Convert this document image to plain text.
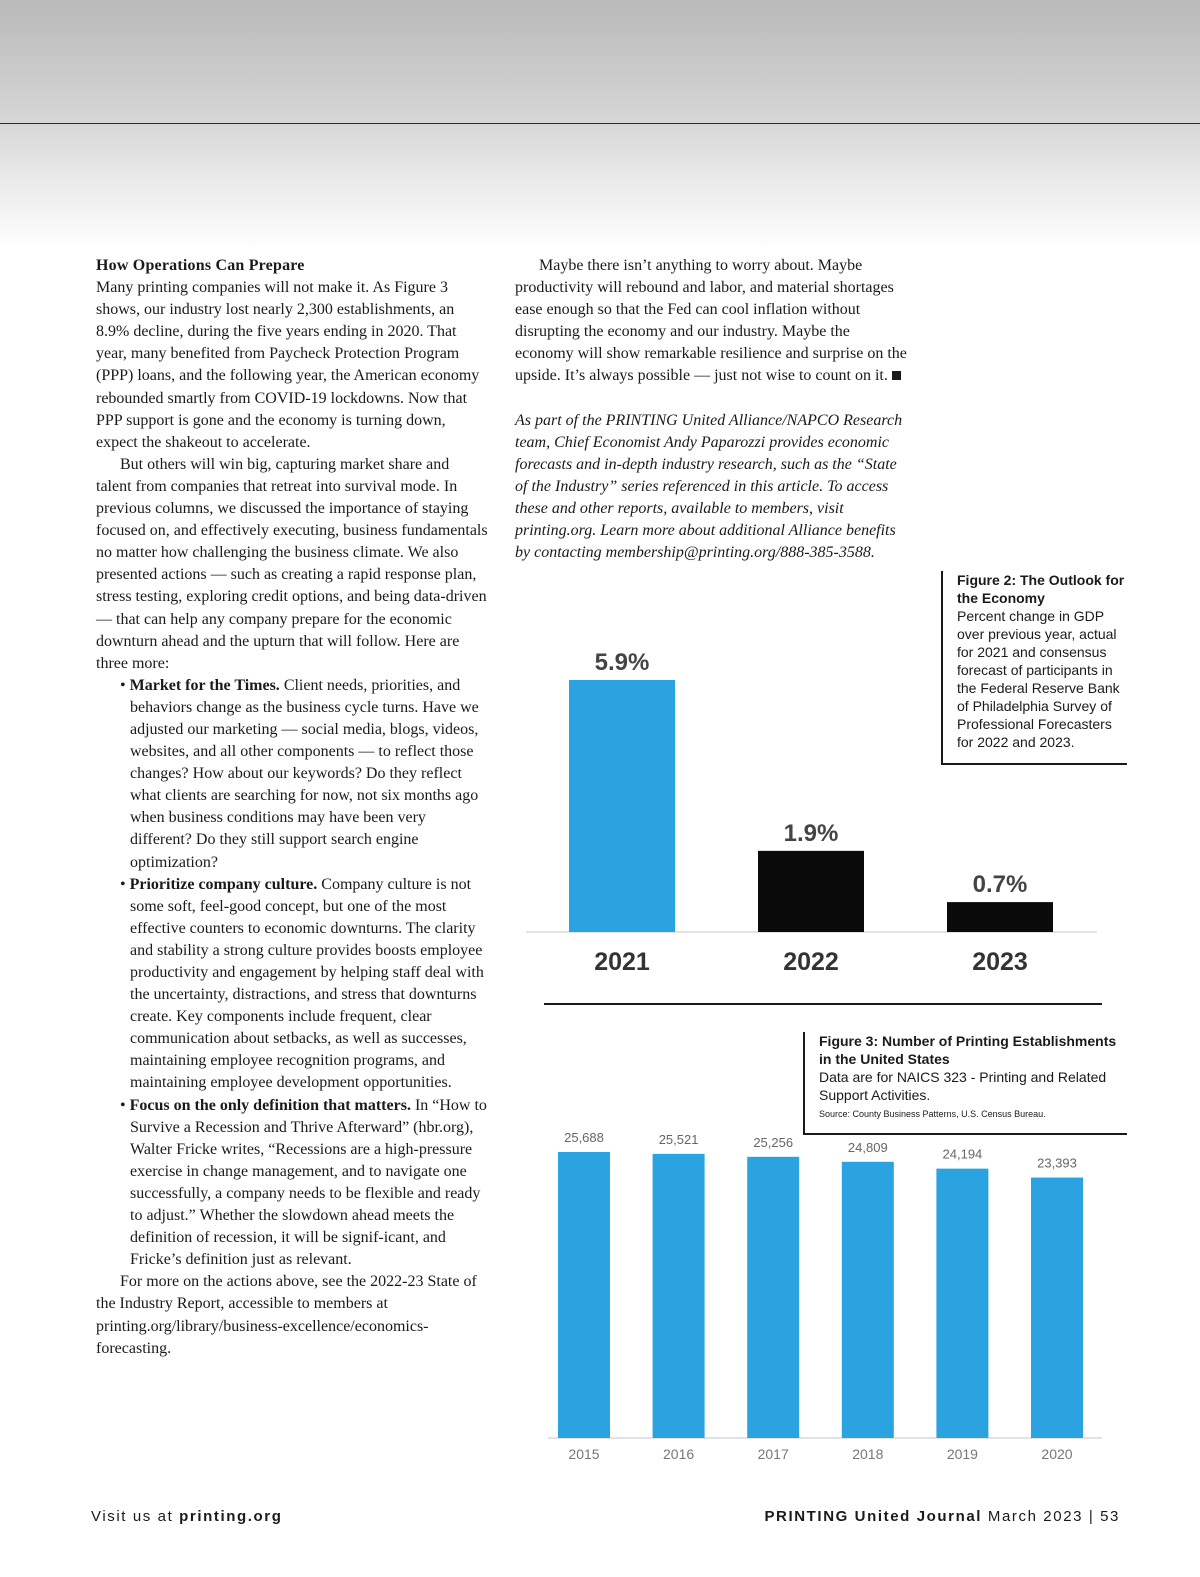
How Operations Can Prepare

Many printing companies will not make it. As Figure 3 shows, our industry lost nearly 2,300 establishments, an 8.9% decline, during the five years ending in 2020. That year, many benefited from Paycheck Protection Program (PPP) loans, and the following year, the American economy rebounded smartly from COVID-19 lockdowns. Now that PPP support is gone and the economy is turning down, expect the shakeout to accelerate.

But others will win big, capturing market share and talent from companies that retreat into survival mode. In previous columns, we discussed the importance of staying focused on, and effectively executing, business fundamentals no matter how challenging the business climate. We also presented actions — such as creating a rapid response plan, stress testing, exploring credit options, and being data-driven — that can help any company prepare for the economic downturn ahead and the upturn that will follow. Here are three more:

• Market for the Times. Client needs, priorities, and behaviors change as the business cycle turns. Have we adjusted our marketing — social media, blogs, videos, websites, and all other components — to reflect those changes? How about our keywords? Do they reflect what clients are searching for now, not six months ago when business conditions may have been very different? Do they still support search engine optimization?
• Prioritize company culture. Company culture is not some soft, feel-good concept, but one of the most effective counters to economic downturns. The clarity and stability a strong culture provides boosts employee productivity and engagement by helping staff deal with the uncertainty, distractions, and stress that downturns create. Key components include frequent, clear communication about setbacks, as well as successes, maintaining employee recognition programs, and maintaining employee development opportunities.
• Focus on the only definition that matters. In “How to Survive a Recession and Thrive Afterward” (hbr.org), Walter Fricke writes, “Recessions are a high-pressure exercise in change management, and to navigate one successfully, a company needs to be flexible and ready to adjust.” Whether the slowdown ahead meets the definition of recession, it will be signif-icant, and Fricke’s definition just as relevant.

For more on the actions above, see the 2022-23 State of the Industry Report, accessible to members at printing.org/library/business-excellence/economics-forecasting.

Maybe there isn’t anything to worry about. Maybe productivity will rebound and labor, and material shortages ease enough so that the Fed can cool inflation without disrupting the economy and our industry. Maybe the economy will show remarkable resilience and surprise on the upside. It’s always possible — just not wise to count on it.

As part of the PRINTING United Alliance/NAPCO Research team, Chief Economist Andy Paparozzi provides economic forecasts and in-depth industry research, such as the “State of the Industry” series referenced in this article. To access these and other reports, available to members, visit printing.org. Learn more about additional Alliance benefits by contacting membership@printing.org/888-385-3588.

Figure 2: The Outlook for the Economy
Percent change in GDP over previous year, actual for 2021 and consensus forecast of participants in the Federal Reserve Bank of Philadelphia Survey of Professional Forecasters for 2022 and 2023.
Figure 3: Number of Printing Establishments in the United States
Data are for NAICS 323 - Printing and Related Support Activities.
Source: County Business Patterns, U.S. Census Bureau.
5.9%
2021
1.9%
2022
0.7%
2023
25,688
2015
25,521
2016
25,256
2017
24,809
2018
24,194
2019
23,393
2020
Visit us at printing.org	PRINTING United Journal March 2023 | 53
